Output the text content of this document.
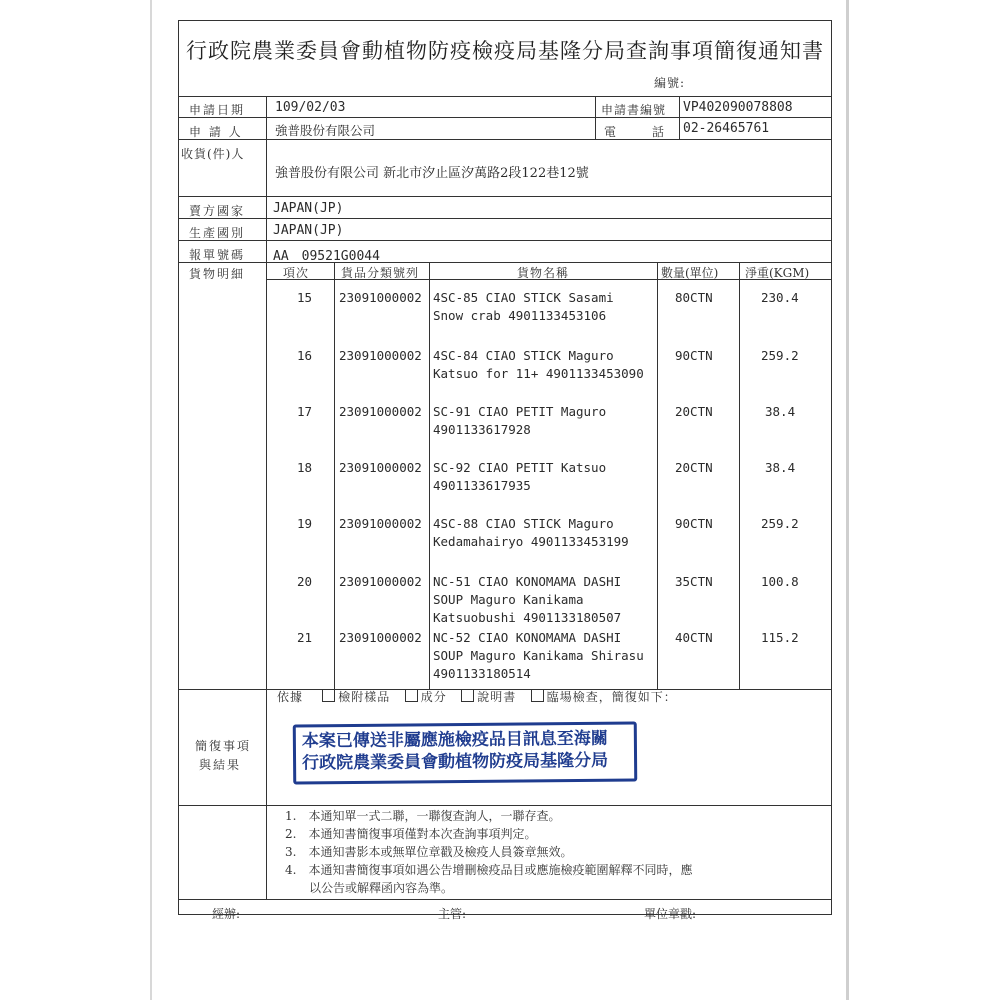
行政院農業委員會動植物防疫檢疫局基隆分局查詢事項簡復通知書
編號:
申請日期 109/02/03	申請書編號 VP402090078808
申 請 人	強普股份有限公司	電　　　話 02-26465761
收貨(件)人
強普股份有限公司 新北市汐止區汐萬路2段122巷12號
賣方國家 JAPAN(JP)
生產國別 JAPAN(JP)
報單號碼 AA　09521G0044
貨物明細	項次	貨品分類號列	貨物名稱	數量(單位) 淨重(KGM)
15 23091000002 4SC-85 CIAO STICK Sasami
Snow crab 4901133453106
80CTN	230.4
16 23091000002 4SC-84 CIAO STICK Maguro
Katsuo for 11+ 4901133453090
90CTN	259.2
17 23091000002 SC-91 CIAO PETIT Maguro
4901133617928
20CTN	38.4
18 23091000002 SC-92 CIAO PETIT Katsuo
4901133617935
20CTN	38.4
19 23091000002 4SC-88 CIAO STICK Maguro
Kedamahairyo 4901133453199
90CTN	259.2
20 23091000002 NC-51 CIAO KONOMAMA DASHI
SOUP Maguro Kanikama
Katsuobushi 4901133180507
35CTN	100.8
21 23091000002 NC-52 CIAO KONOMAMA DASHI
SOUP Maguro Kanikama Shirasu
4901133180514
40CTN	115.2
依據	檢附樣品	成分	說明書	臨場檢查，簡復如下：
簡復事項
與結果
本案已傳送非屬應施檢疫品目訊息至海關
行政院農業委員會動植物防疫局基隆分局
1.　本通知單一式二聯，一聯復查詢人，一聯存查。
2.　本通知書簡復事項僅對本次查詢事項判定。
3.　本通知書影本或無單位章戳及檢疫人員簽章無效。
4.　本通知書簡復事項如遇公告增刪檢疫品目或應施檢疫範圍解釋不同時，應
　　以公告或解釋函內容為準。
經辦:	主管:	單位章戳:
